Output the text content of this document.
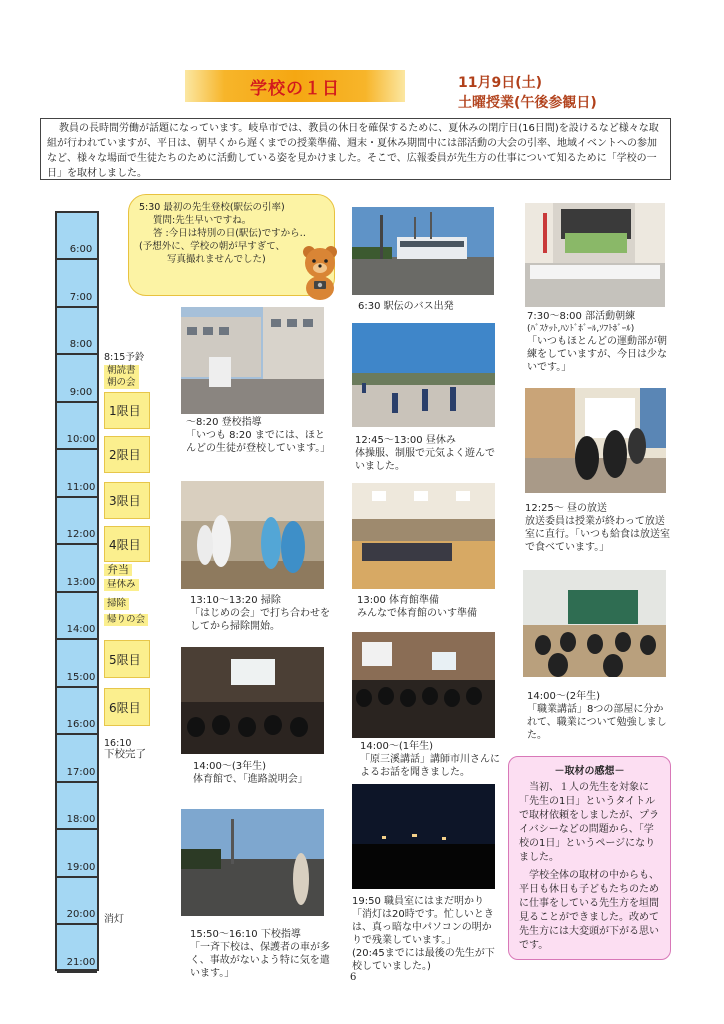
学校の１日	11月9日(土)
土曜授業(午後参観日)
教員の長時間労働が話題になっています。岐阜市では、教員の休日を確保するために、夏休みの閉庁日(16日間)を設けるなど様々な取組が行われていますが、平日は、朝早くから遅くまでの授業準備、週末・夏休み期間中には部活動の大会の引率、地域イベントへの参加など、様々な場面で生徒たちのために活動している姿を見かけました。そこで、広報委員が先生方の仕事について知るために「学校の一日」を取材しました。
6:00
7:00
8:00
9:00
10:00
11:00
12:00
13:00
14:00
15:00
16:00
17:00
18:00
19:00
20:00
21:00
8:15予鈴
朝読書
朝の会
1限目
2限目
3限目
4限目
弁当
昼休み
掃除
帰りの会
5限目
6限目
16:10
下校完了
消灯

5:30 最初の先生登校(駅伝の引率)

質問:先生早いですね。

答 :今日は特別の日(駅伝)ですから‥

(予想外に、学校の朝が早すぎて、

写真撮れませんでした)

6:30 駅伝のバス出発
7:30～8:00 部活動朝練
(ﾊﾞｽｹｯﾄ,ﾊﾝﾄﾞﾎﾞｰﾙ,ｿﾌﾄﾎﾞｰﾙ)
「いつもほとんどの運動部が朝練をしていますが、今日は少ないです。」
～8:20 登校指導
「いつも 8:20 までには、ほとんどの生徒が登校しています。」
12:45～13:00 昼休み
体操服、制服で元気よく遊んでいました。
12:25～ 昼の放送
放送委員は授業が終わって放送室に直行。「いつも給食は放送室で食べています。」
13:10～13:20 掃除
「はじめの会」で打ち合わせをしてから掃除開始。
13:00 体育館準備
みんなで体育館のいす準備
14:00～(2年生)
「職業講話」8つの部屋に分かれて、職業について勉強しました。
14:00～(3年生)
体育館で、「進路説明会」
14:00～(1年生)
「原三溪講話」講師市川さんによるお話を聞きました。
15:50～16:10 下校指導
「一斉下校は、保護者の車が多く、事故がないよう特に気を遣います。」
19:50 職員室にはまだ明かり
「消灯は20時です。忙しいときは、真っ暗な中パソコンの明かりで残業しています。」
(20:45までには最後の先生が下校していました。)
－取材の感想－

当初、１人の先生を対象に「先生の1日」というタイトルで取材依頼をしましたが、プライバシーなどの問題から、「学校の1日」というページになりました。

学校全体の取材の中からも、平日も休日も子どもたちのために仕事をしている先生方を垣間見ることができました。改めて先生方には大変頭が下がる思いです。

6
